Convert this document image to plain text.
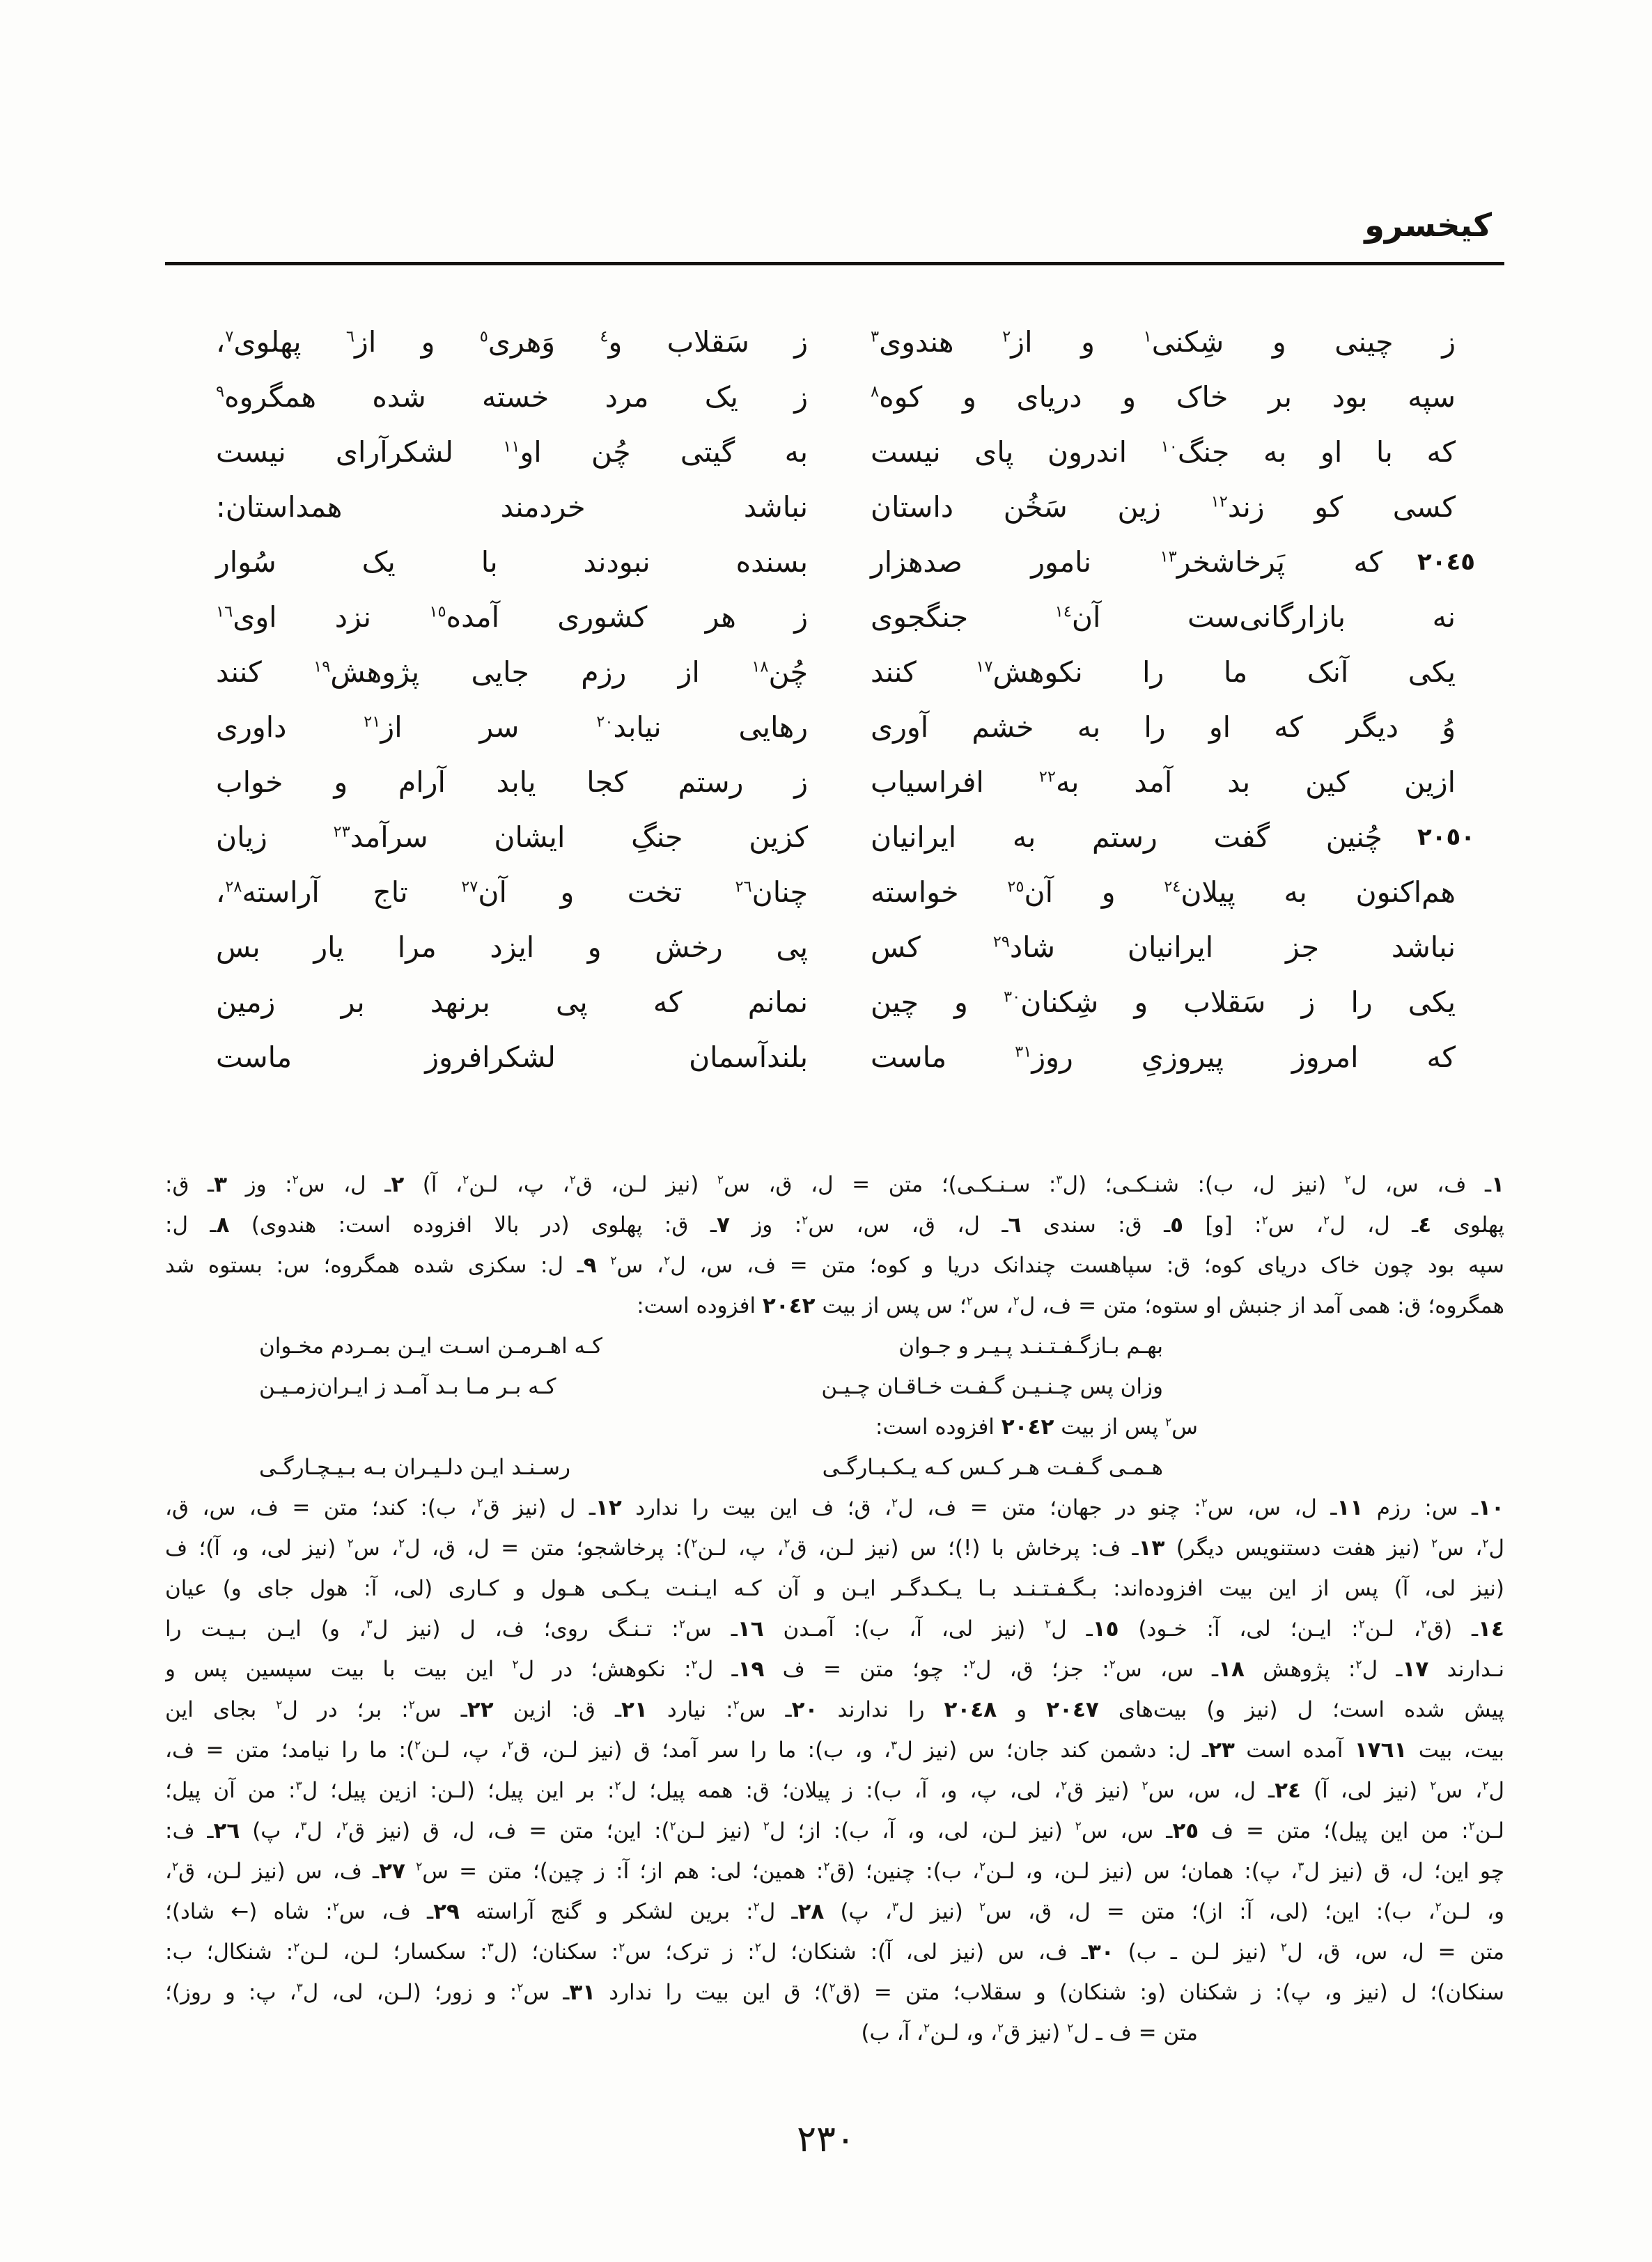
کیخسرو
ز چینی و شِکنی$^۱$ و از$^۲$ هندوی$^۳$
ز سَقلاب و$^٤$ وَهری$^٥$ و از$^٦$ پهلوی$^۷$،
سپه بود بر خاک و دریای و کوه$^۸$
ز یک مرد خسته شده همگروه$^۹$
که با او به جنگ$^{۱۰}$ اندرون پای نیست
به گیتی چُن او$^{۱۱}$ لشکرآرای نیست
کسی کو زند$^{۱۲}$ زین سَخُن داستان
نباشد خردمند همداستان:
۲۰٤٥
که پَرخاشخر$^{۱۳}$ نامور صدهزار
بسنده نبودند با یک سُوار
نه بازارگانی‌ست آن$^{۱٤}$ جنگجوی
ز هر کشوری آمده$^{۱٥}$ نزد اوی$^{۱٦}$
یکی آنک ما را نکوهش$^{۱۷}$ کنند
چُن$^{۱۸}$ از رزم جایی پژوهش$^{۱۹}$ کنند
وُ دیگر که او را به خشم آوری
رهایی نیابد$^{۲۰}$ سر از$^{۲۱}$ داوری
ازین کین بد آمد به$^{۲۲}$ افراسیاب
ز رستم کجا یابد آرام و خواب
۲۰٥۰
چُنین گفت رستم به ایرانیان
کزین جنگِ ایشان سرآمد$^{۲۳}$ زیان
هم‌اکنون به پیلان$^{۲٤}$ و آن$^{۲٥}$ خواسته
چنان$^{۲٦}$ تخت و آن$^{۲۷}$ تاج آراسته$^{۲۸}$،
نباشد جز ایرانیان شاد$^{۲۹}$ کس
پی رخش و ایزد مرا یار بس
یکی را ز سَقلاب و شِکنان$^{۳۰}$ و چین
نمانم که پی برنهد بر زمین
که امروز پیروزیِ روز$^{۳۱}$ ماست
بلندآسمان لشکرافروز ماست
۱ـ ف، س، ل$^۲$ (نیز ل، ب): شنـکـی؛ (ل$^۳$: سـنـکـی)؛ متن = ل، ق، س$^۲$ (نیز لـن، ق$^۲$، پ، لـن$^۲$، آ) ۲ـ ل، س$^۲$: وز ۳ـ ق:
پهلوی ٤ـ ل، ل$^۲$، س$^۲$: [و] ٥ـ ق: سندی ٦ـ ل، ق، س، س$^۲$: وز ۷ـ ق: پهلوی (در بالا افزوده است: هندوی) ۸ـ ل:
سپه بود چون خاک دریای کوه؛ ق: سپاهست چندانک دریا و کوه؛ متن = ف، س، ل$^۲$، س$^۲$ ۹ـ ل: سکزی شده همگروه؛ س: بستوه شد
همگروه؛ ق: همی آمد از جنبش او ستوه؛ متن = ف، ل$^۲$، س$^۲$؛ س پس از بیت ۲۰٤۲ افزوده است:
بهـم بـازگـفـتـنـد پـیـر و جـوان
کـه اهـرمـن اسـت ایـن بمـردم مخـوان
وزان پس چـنـیـن گـفـت خـاقـان چـیـن
کـه بـر مـا بـد آمـد ز ایـران‌زمـیـن
س$^۲$ پس از بیت ۲۰٤۲ افزوده است:
هـمـی گـفـت هـر کـس کـه یـکـبـارگـی
رسـنـد ایـن دلـیـران بـه بـیـچـارگـی
۱۰ـ س: رزم ۱۱ـ ل، س، س$^۲$: چنو در جهان؛ متن = ف، ل$^۲$، ق؛ ف این بیت را ندارد ۱۲ـ ل (نیز ق$^۲$، ب): کند؛ متن = ف، س، ق،
ل$^۲$، س$^۲$ (نیز هفت دستنویس دیگر) ۱۳ـ ف: پرخاش با (!)؛ س (نیز لـن، ق$^۲$، پ، لـن$^۲$): پرخاشجو؛ متن = ل، ق، ل$^۲$، س$^۲$ (نیز لی، و، آ)؛ ف
(نیز لی، آ) پس از این بیت افزوده‌اند: بـگـفـتـنـد بـا یـکـدگـر ایـن و آن کـه ایـنـت یـکـی هـول و کـاری (لی، آ: هول جای و) عیان
۱٤ـ (ق$^۲$، لـن$^۲$: ایـن؛ لی، آ: خـود) ۱٥ـ ل$^۲$ (نیز لی، آ، ب): آمـدن ۱٦ـ س$^۲$: تـنـگ روی؛ ف، ل (نیز ل$^۳$، و) ایـن بـیـت را
نـدارند ۱۷ـ ل$^۲$: پژوهش ۱۸ـ س، س$^۲$: جز؛ ق، ل$^۲$: چو؛ متن = ف ۱۹ـ ل$^۲$: نکوهش؛ در ل$^۲$ این بیت با بیت سپسین پس و
پیش شده است؛ ل (نیز و) بیت‌های ۲۰٤۷ و ۲۰٤۸ را ندارند ۲۰ـ س$^۲$: نیارد ۲۱ـ ق: ازین ۲۲ـ س$^۲$: بر؛ در ل$^۲$ بجای این
بیت، بیت ۱۷٦۱ آمده است ۲۳ـ ل: دشمن کند جان؛ س (نیز ل$^۳$، و، ب): ما را سر آمد؛ ق (نیز لـن، ق$^۲$، پ، لـن$^۲$): ما را نیامد؛ متن = ف،
ل$^۲$، س$^۲$ (نیز لی، آ) ۲٤ـ ل، س، س$^۲$ (نیز ق$^۲$، لی، پ، و، آ، ب): ز پیلان؛ ق: همه پیل؛ ل$^۲$: بر این پیل؛ (لـن: ازین پیل؛ ل$^۳$: من آن پیل؛
لـن$^۲$: من این پیل)؛ متن = ف ۲٥ـ س، س$^۲$ (نیز لـن، لی، و، آ، ب): از؛ ل$^۲$ (نیز لـن$^۲$): این؛ متن = ف، ل، ق (نیز ق$^۲$، ل$^۳$، پ) ۲٦ـ ف:
چو این؛ ل، ق (نیز ل$^۳$، پ): همان؛ س (نیز لـن، و، لـن$^۲$، ب): چنین؛ (ق$^۲$: همین؛ لی: هم از؛ آ: ز چین)؛ متن = س$^۲$ ۲۷ـ ف، س (نیز لـن، ق$^۲$،
و، لـن$^۲$، ب): این؛ (لی، آ: از)؛ متن = ل، ق، س$^۲$ (نیز ل$^۳$، پ) ۲۸ـ ل$^۲$: برین لشکر و گنج آراسته ۲۹ـ ف، س$^۲$: شاه (← شاد)؛
متن = ل، س، ق، ل$^۲$ (نیز لـن ـ ب) ۳۰ـ ف، س (نیز لی، آ): شنکان؛ ل$^۲$: ز ترک؛ س$^۲$: سکنان؛ (ل$^۳$: سکسار؛ لـن، لـن$^۲$: شنکال؛ ب:
سنکان)؛ ل (نیز و، پ): ز شکنان (و: شنکان) و سقلاب؛ متن = (ق$^۲$)؛ ق این بیت را ندارد ۳۱ـ س$^۲$: و زور؛ (لـن، لی، ل$^۳$، پ: و روز)؛
متن = ف ـ ل$^۲$ (نیز ق$^۲$، و، لـن$^۲$، آ، ب)
۲۳۰
